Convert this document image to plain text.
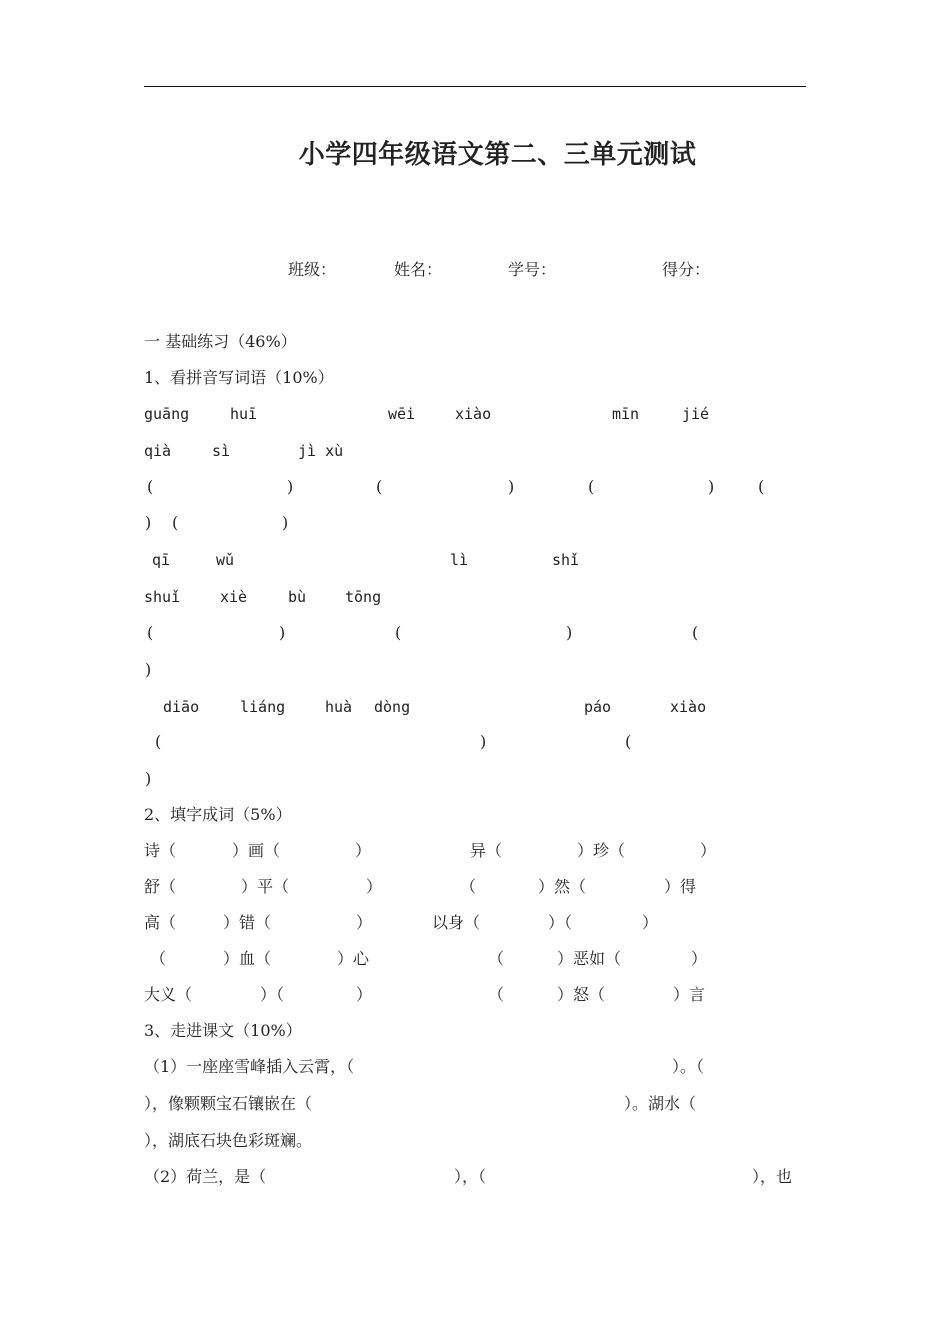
小学四年级语文第二、三单元测试
班级：	姓名：	学号：	得分：
一 基础练习（46%）
1、看拼音写词语（10%）
guāng	huī	wēi	xiào	mīn	jié
qià	sì	jì xù
(	)	(	)	(	)	(
) (	)
qī	wǔ	lì	shǐ
shuǐ	xiè	bù	tōng
(	)	(	)	(
)
diāo	liáng	huà dòng	páo	xiào
(	)	(
)
2、填字成词（5%）
诗（	）画（	）	异（	）珍（	）
舒（	）平（	）	（	）然（	）得
高（	）错（	）	以身（	）（	）
（	）血（	）心	（	）恶如（	）
大义（	）（	）	（	）怒（	）言
3、走进课文（10%）
（1）一座座雪峰插入云霄，（	）。（
），像颗颗宝石镶嵌在（	）。湖水（
），湖底石块色彩斑斓。
（2）荷兰，是（	），（	），也
